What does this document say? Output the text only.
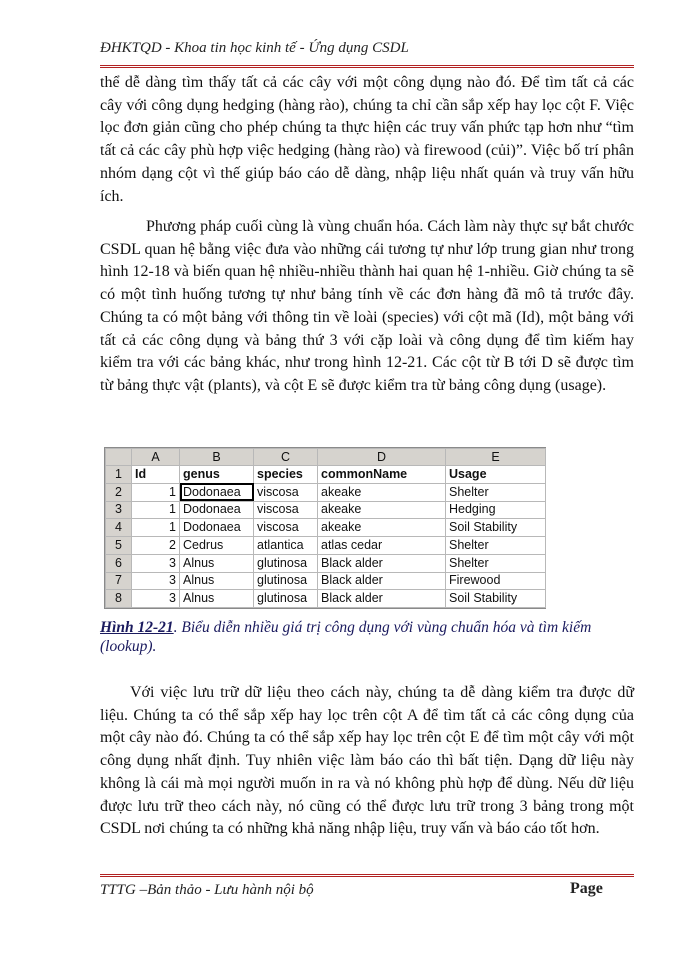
ĐHKTQD - Khoa tin học kinh tế - Ứng dụng CSDL

thể dễ dàng tìm thấy tất cả các cây với một công dụng nào đó. Để tìm tất cả các cây với công dụng hedging (hàng rào), chúng ta chỉ cần sắp xếp hay lọc cột F. Việc lọc đơn giản cũng cho phép chúng ta thực hiện các truy vấn phức tạp hơn như “tìm tất cả các cây phù hợp việc hedging (hàng rào) và firewood (củi)”. Việc bố trí phân nhóm dạng cột vì thế giúp báo cáo dễ dàng, nhập liệu nhất quán và truy vấn hữu ích.

Phương pháp cuối cùng là vùng chuẩn hóa. Cách làm này thực sự bắt chước CSDL quan hệ bằng việc đưa vào những cái tương tự như lớp trung gian như trong hình 12-18 và biến quan hệ nhiều-nhiều thành hai quan hệ 1-nhiều. Giờ chúng ta sẽ có một tình huống tương tự như bảng tính về các đơn hàng đã mô tả trước đây. Chúng ta có một bảng với thông tin về loài (species) với cột mã (Id), một bảng với tất cả các công dụng và bảng thứ 3 với cặp loài và công dụng để tìm kiếm hay kiểm tra với các bảng khác, như trong hình 12-21. Các cột từ B tới D sẽ được tìm từ bảng thực vật (plants), và cột E sẽ được kiểm tra từ bảng công dụng (usage).

	A	B	C	D	E
1	Id	genus	species	commonName	Usage
2	1	Dodonaea	viscosa	akeake	Shelter
3	1	Dodonaea	viscosa	akeake	Hedging
4	1	Dodonaea	viscosa	akeake	Soil Stability
5	2	Cedrus	atlantica	atlas cedar	Shelter
6	3	Alnus	glutinosa	Black alder	Shelter
7	3	Alnus	glutinosa	Black alder	Firewood
8	3	Alnus	glutinosa	Black alder	Soil Stability

Hình 12-21. Biểu diễn nhiều giá trị công dụng với vùng chuẩn hóa và tìm kiếm (lookup).

Với việc lưu trữ dữ liệu theo cách này, chúng ta dễ dàng kiểm tra được dữ liệu. Chúng ta có thể sắp xếp hay lọc trên cột A để tìm tất cả các công dụng của một cây nào đó. Chúng ta có thể sắp xếp hay lọc trên cột E để tìm một cây với một công dụng nhất định. Tuy nhiên việc làm báo cáo thì bất tiện. Dạng dữ liệu này không là cái mà mọi người muốn in ra và nó không phù hợp để dùng. Nếu dữ liệu được lưu trữ theo cách này, nó cũng có thể được lưu trữ trong 3 bảng trong một CSDL nơi chúng ta có những khả năng nhập liệu, truy vấn và báo cáo tốt hơn.

TTTG –Bản thảo - Lưu hành nội bộ	Page
